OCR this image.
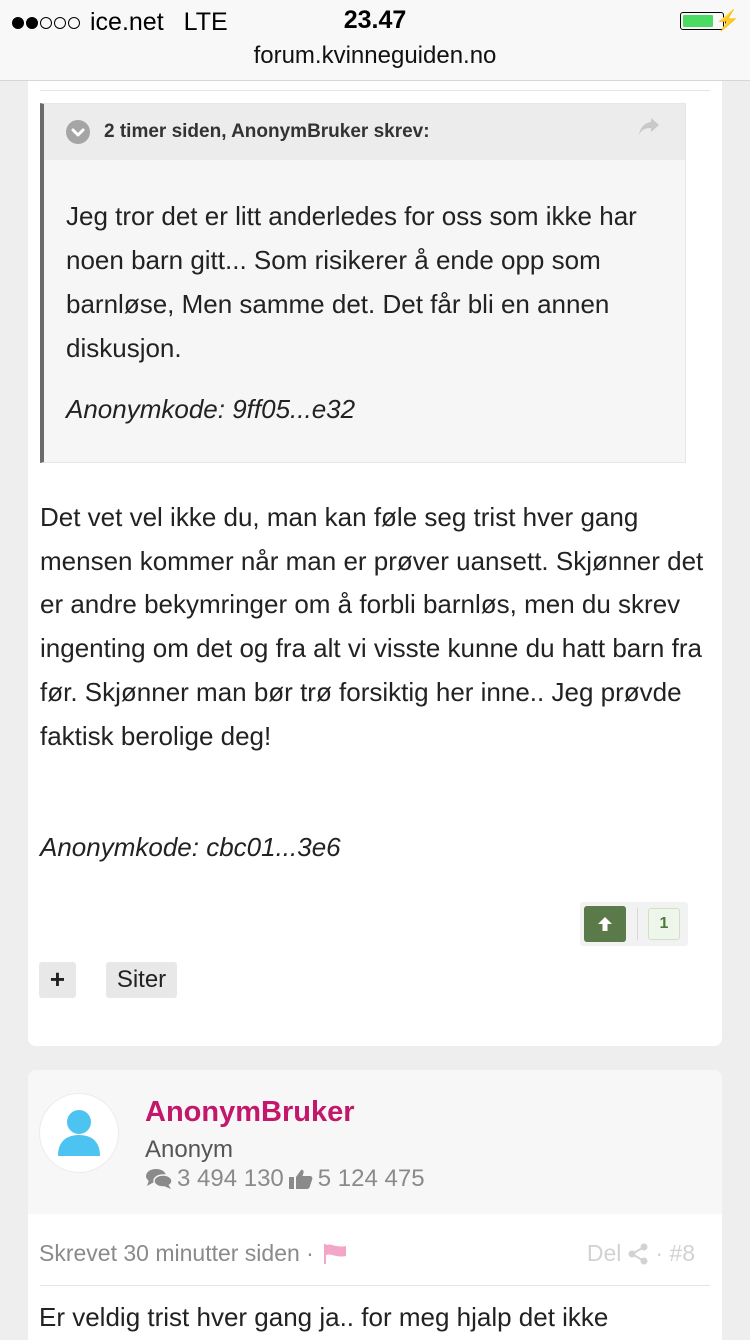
ice.net LTE	23.47
forum.kvinneguiden.no
⚡
2 timer siden, AnonymBruker skrev:
Jeg tror det er litt anderledes for oss som ikke har noen barn gitt... Som risikerer å ende opp som barnløse, Men samme det. Det får bli en annen diskusjon.
Anonymkode: 9ff05...e32
Det vet vel ikke du, man kan føle seg trist hver gang mensen kommer når man er prøver uansett. Skjønner det er andre bekymringer om å forbli barnløs, men du skrev ingenting om det og fra alt vi visste kunne du hatt barn fra før. Skjønner man bør trø forsiktig her inne.. Jeg prøvde faktisk berolige deg!
Anonymkode: cbc01...3e6
1
+	Siter
AnonymBruker
Anonym
3 494 130 5 124 475
Skrevet 30 minutter siden ·	Del · #8
Er veldig trist hver gang ja.. for meg hjalp det ikke
